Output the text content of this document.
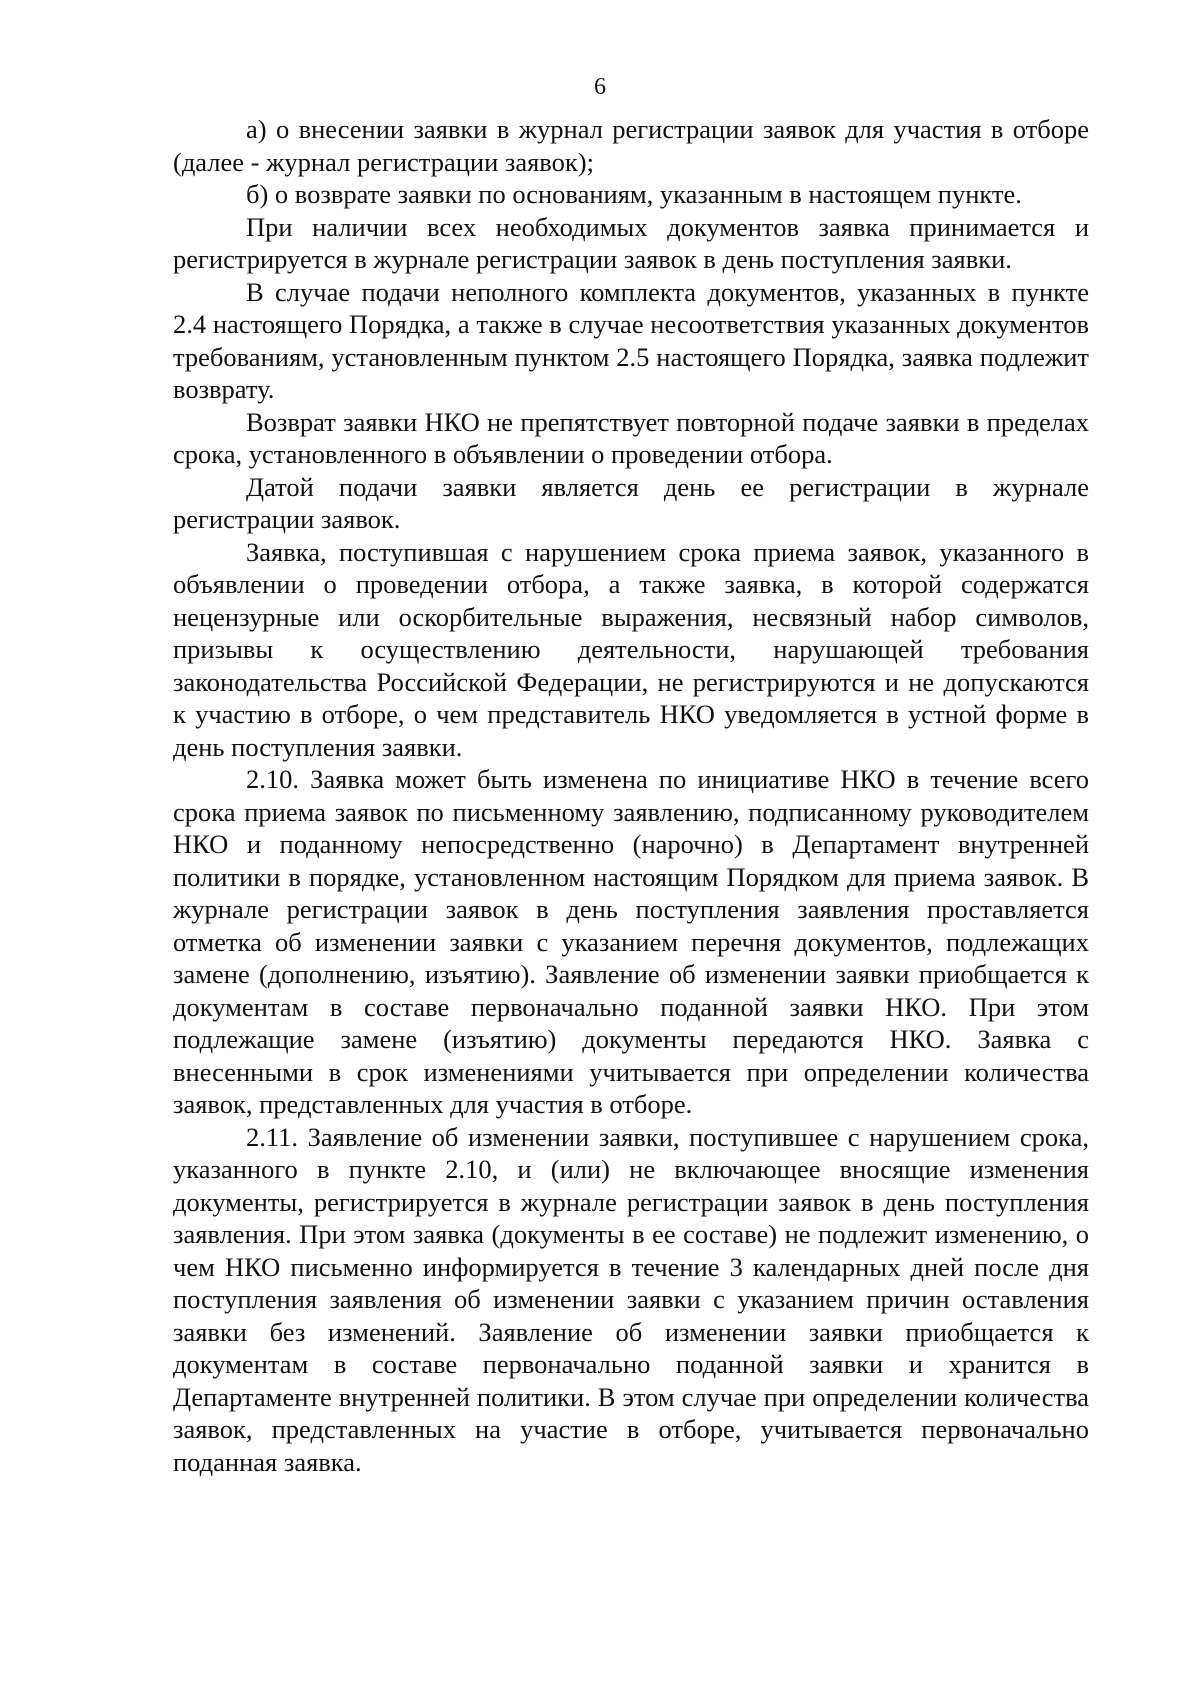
6

а) о внесении заявки в журнал регистрации заявок для участия в отборе (далее - журнал регистрации заявок);

б) о возврате заявки по основаниям, указанным в настоящем пункте.

При наличии всех необходимых документов заявка принимается и регистрируется в журнале регистрации заявок в день поступления заявки.

В случае подачи неполного комплекта документов, указанных в пункте 2.4 настоящего Порядка, а также в случае несоответствия указанных документов требованиям, установленным пунктом 2.5 настоящего Порядка, заявка подлежит возврату.

Возврат заявки НКО не препятствует повторной подаче заявки в пределах срока, установленного в объявлении о проведении отбора.

Датой подачи заявки является день ее регистрации в журнале регистрации заявок.

Заявка, поступившая с нарушением срока приема заявок, указанного в объявлении о проведении отбора, а также заявка, в которой содержатся нецензурные или оскорбительные выражения, несвязный набор символов, призывы к осуществлению деятельности, нарушающей требования законодательства Российской Федерации, не регистрируются и не допускаются к участию в отборе, о чем представитель НКО уведомляется в устной форме в день поступления заявки.

2.10. Заявка может быть изменена по инициативе НКО в течение всего срока приема заявок по письменному заявлению, подписанному руководителем НКО и поданному непосредственно (нарочно) в Департамент внутренней политики в порядке, установленном настоящим Порядком для приема заявок. В журнале регистрации заявок в день поступления заявления проставляется отметка об изменении заявки с указанием перечня документов, подлежащих замене (дополнению, изъятию). Заявление об изменении заявки приобщается к документам в составе первоначально поданной заявки НКО. При этом подлежащие замене (изъятию) документы передаются НКО. Заявка с внесенными в срок изменениями учитывается при определении количества заявок, представленных для участия в отборе.

2.11. Заявление об изменении заявки, поступившее с нарушением срока, указанного в пункте 2.10, и (или) не включающее вносящие изменения документы, регистрируется в журнале регистрации заявок в день поступления заявления. При этом заявка (документы в ее составе) не подлежит изменению, о чем НКО письменно информируется в течение 3 календарных дней после дня поступления заявления об изменении заявки с указанием причин оставления заявки без изменений. Заявление об изменении заявки приобщается к документам в составе первоначально поданной заявки и хранится в Департаменте внутренней политики. В этом случае при определении количества заявок, представленных на участие в отборе, учитывается первоначально поданная заявка.
